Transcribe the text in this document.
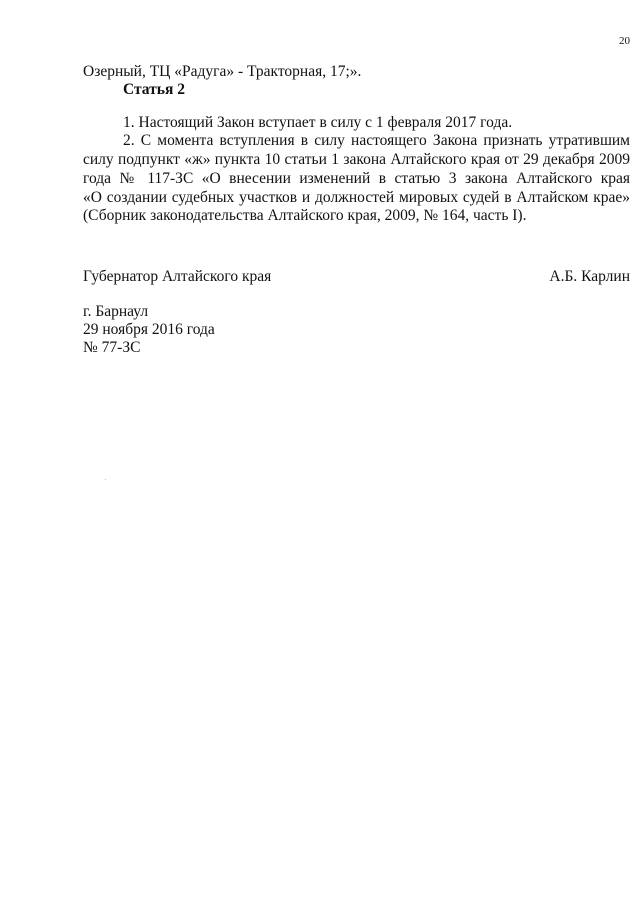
20
Озерный, ТЦ «Радуга» - Тракторная, 17;».
Статья 2
1. Настоящий Закон вступает в силу с 1 февраля 2017 года.
2. С момента вступления в силу настоящего Закона признать утратившим
силу подпункт «ж» пункта 10 статьи 1 закона Алтайского края от 29 декабря 2009
года № 117-ЗС «О внесении изменений в статью 3 закона Алтайского края
«О создании судебных участков и должностей мировых судей в Алтайском крае»
(Сборник законодательства Алтайского края, 2009, № 164, часть I).
Губернатор Алтайского края	А.Б. Карлин
г. Барнаул
29 ноября 2016 года
№ 77-ЗС
